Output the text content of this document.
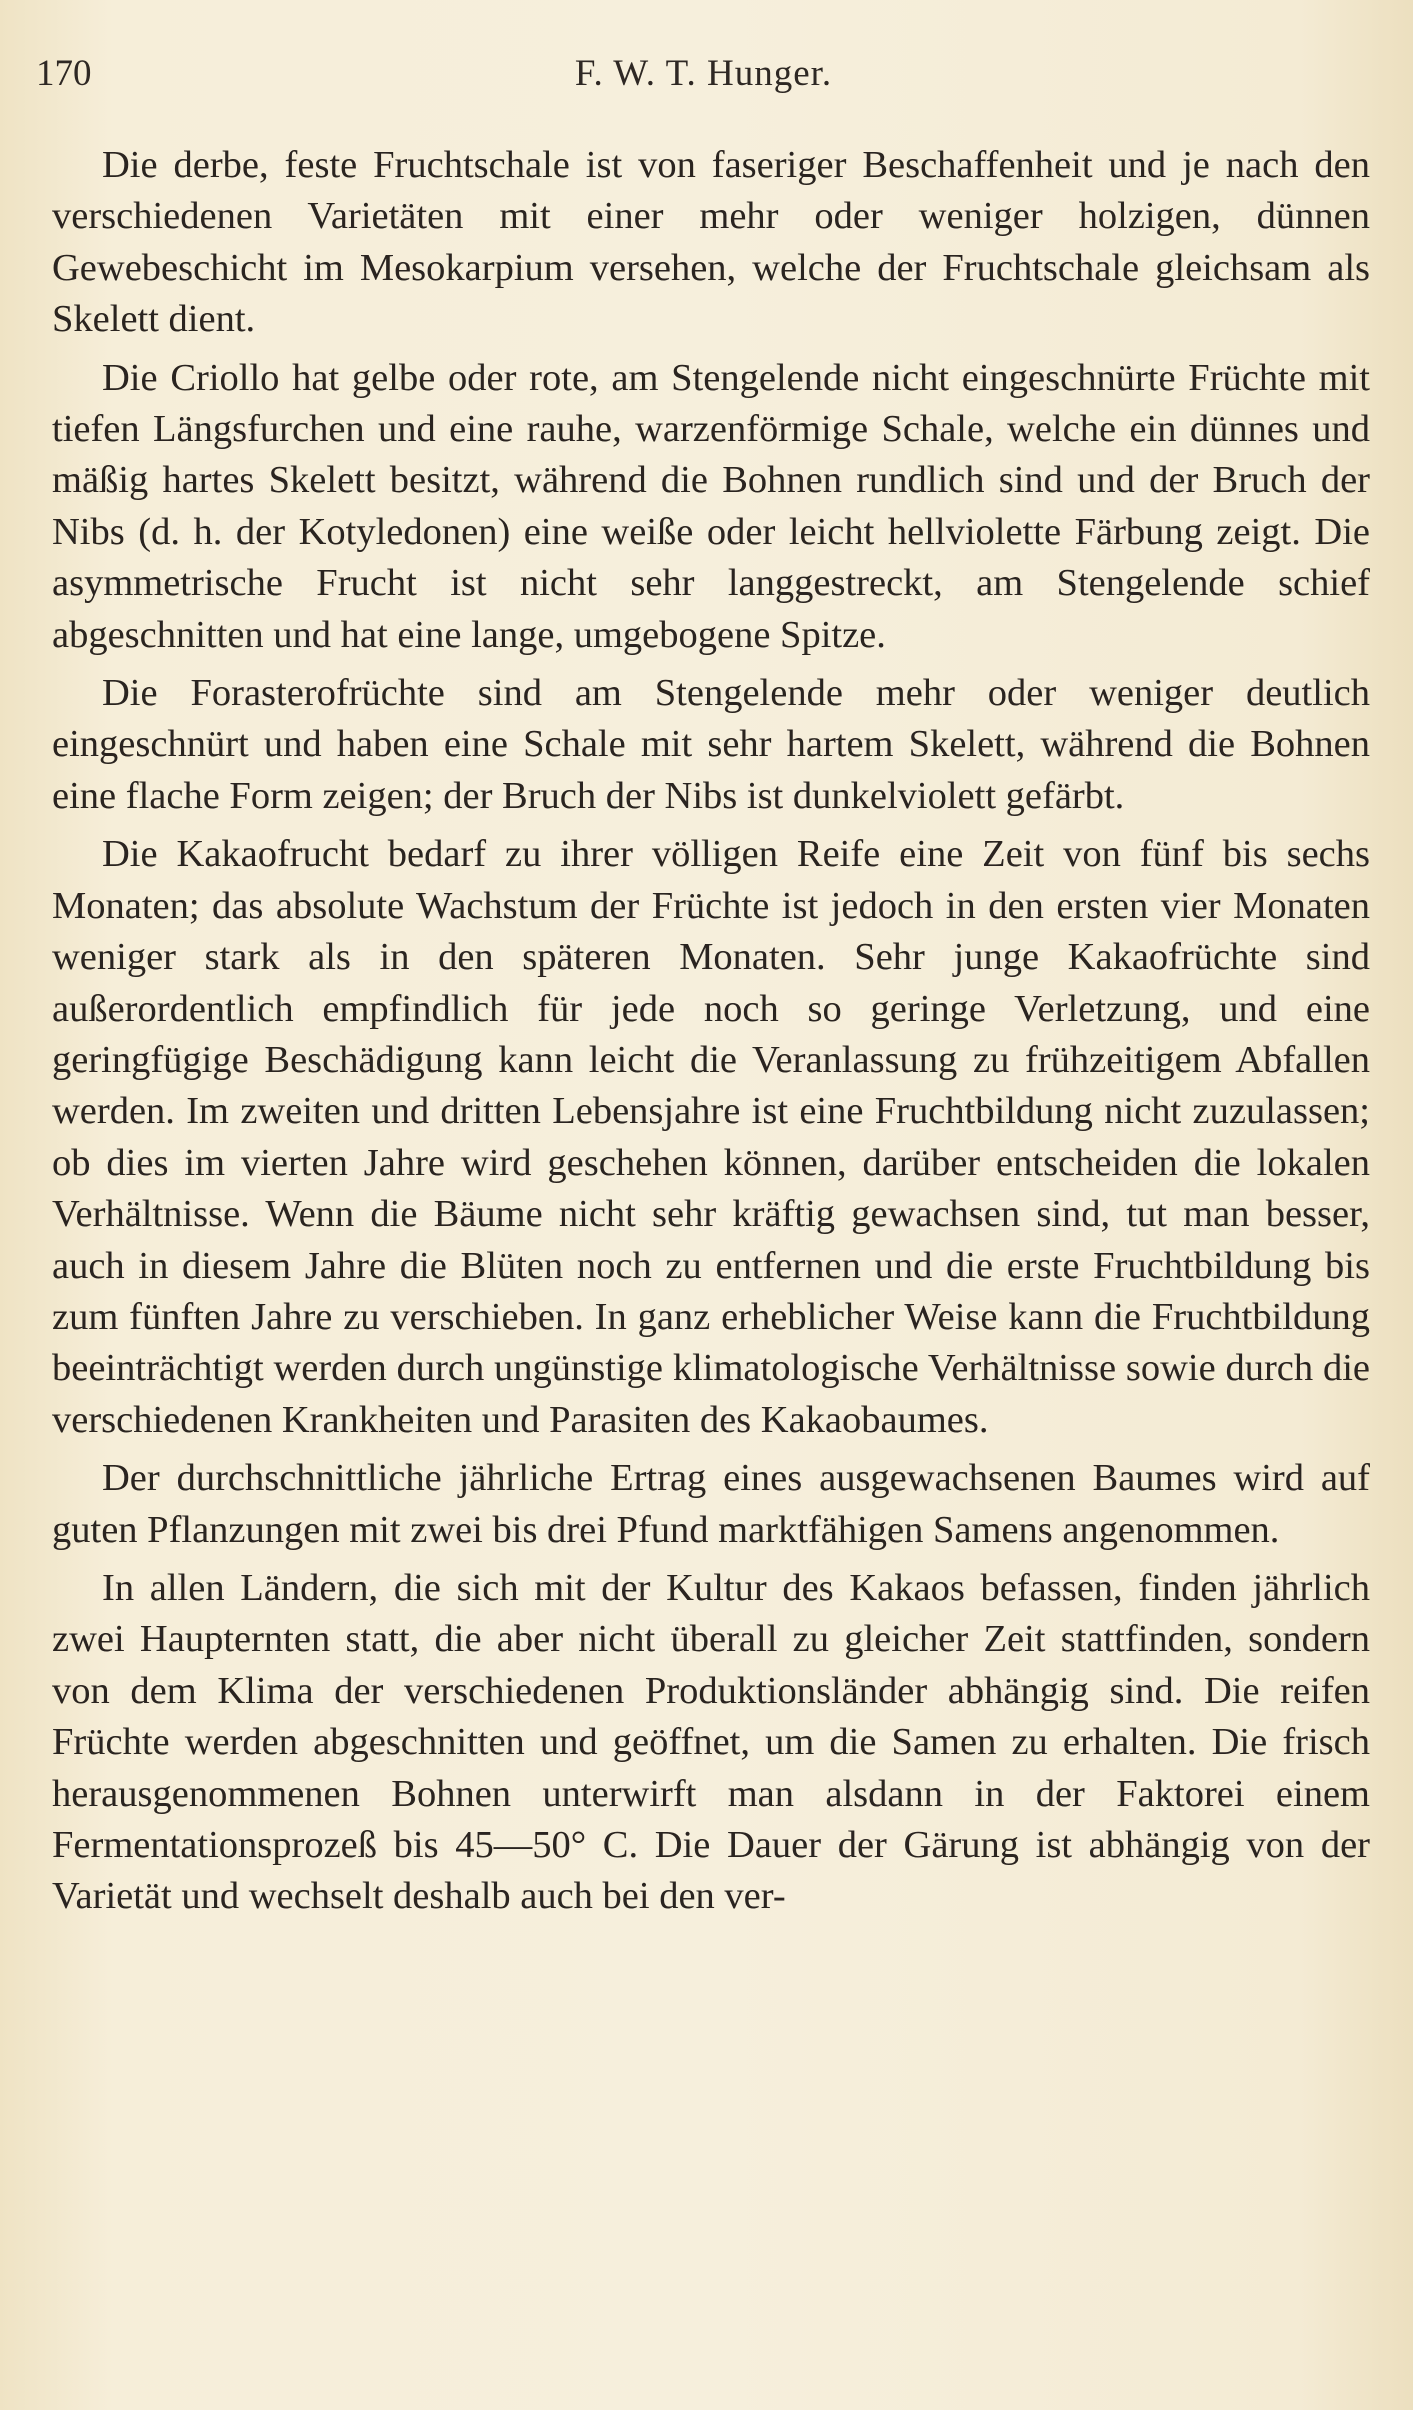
170	F. W. T. Hunger.

Die derbe, feste Fruchtschale ist von faseriger Beschaffenheit und je nach den verschiedenen Varietäten mit einer mehr oder weniger holzigen, dünnen Gewebeschicht im Mesokarpium versehen, welche der Fruchtschale gleichsam als Skelett dient.

Die Criollo hat gelbe oder rote, am Stengelende nicht eingeschnürte Früchte mit tiefen Längsfurchen und eine rauhe, warzenförmige Schale, welche ein dünnes und mäßig hartes Skelett besitzt, während die Bohnen rundlich sind und der Bruch der Nibs (d. h. der Kotyledonen) eine weiße oder leicht hellviolette Färbung zeigt. Die asymmetrische Frucht ist nicht sehr langgestreckt, am Stengelende schief abgeschnitten und hat eine lange, umgebogene Spitze.

Die Forasterofrüchte sind am Stengelende mehr oder weniger deutlich eingeschnürt und haben eine Schale mit sehr hartem Skelett, während die Bohnen eine flache Form zeigen; der Bruch der Nibs ist dunkelviolett gefärbt.

Die Kakaofrucht bedarf zu ihrer völligen Reife eine Zeit von fünf bis sechs Monaten; das absolute Wachstum der Früchte ist jedoch in den ersten vier Monaten weniger stark als in den späteren Monaten. Sehr junge Kakaofrüchte sind außerordentlich empfindlich für jede noch so geringe Verletzung, und eine geringfügige Beschädigung kann leicht die Veranlassung zu frühzeitigem Abfallen werden. Im zweiten und dritten Lebensjahre ist eine Fruchtbildung nicht zuzulassen; ob dies im vierten Jahre wird geschehen können, darüber entscheiden die lokalen Verhältnisse. Wenn die Bäume nicht sehr kräftig gewachsen sind, tut man besser, auch in diesem Jahre die Blüten noch zu entfernen und die erste Fruchtbildung bis zum fünften Jahre zu verschieben. In ganz erheblicher Weise kann die Fruchtbildung beeinträchtigt werden durch ungünstige klimatologische Verhältnisse sowie durch die verschiedenen Krankheiten und Parasiten des Kakaobaumes.

Der durchschnittliche jährliche Ertrag eines ausgewachsenen Baumes wird auf guten Pflanzungen mit zwei bis drei Pfund marktfähigen Samens angenommen.

In allen Ländern, die sich mit der Kultur des Kakaos befassen, finden jährlich zwei Haupternten statt, die aber nicht überall zu gleicher Zeit stattfinden, sondern von dem Klima der verschiedenen Produktionsländer abhängig sind. Die reifen Früchte werden abgeschnitten und geöffnet, um die Samen zu erhalten. Die frisch herausgenommenen Bohnen unterwirft man alsdann in der Faktorei einem Fermentationsprozeß bis 45—50° C. Die Dauer der Gärung ist abhängig von der Varietät und wechselt deshalb auch bei den ver-
